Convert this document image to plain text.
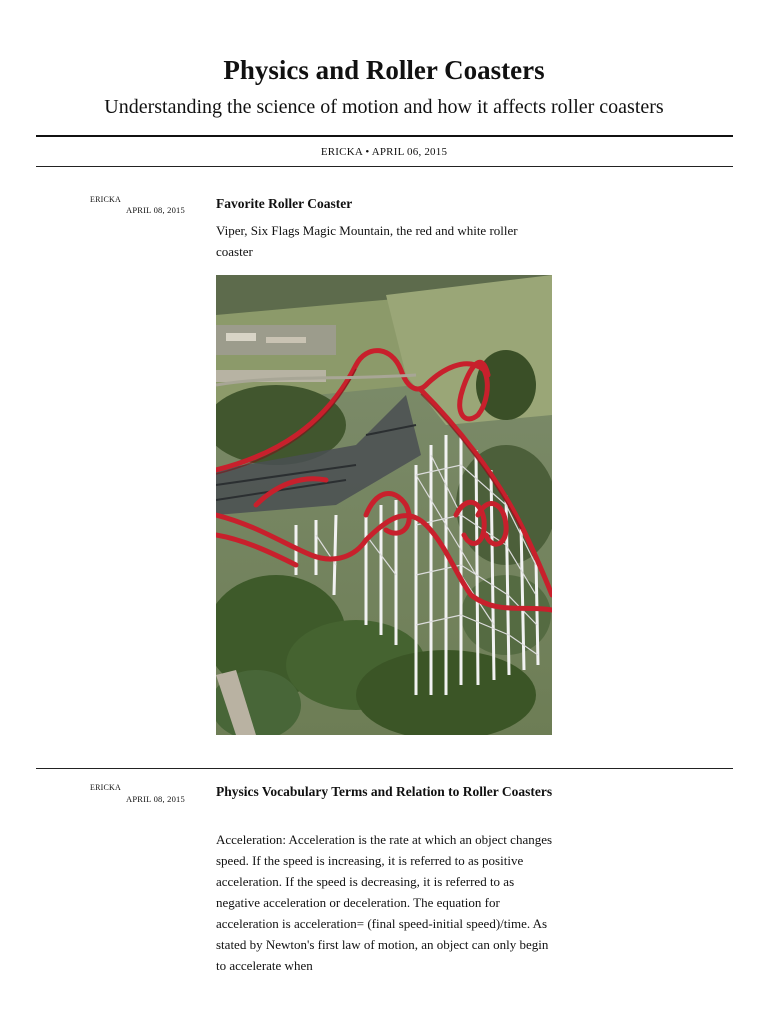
Physics and Roller Coasters

Understanding the science of motion and how it affects roller coasters

ERICKA • APRIL 06, 2015
ERICKA
APRIL 08, 2015 Favorite Roller Coaster

Viper, Six Flags Magic Mountain, the red and white roller coaster

ERICKA
APRIL 08, 2015 Physics Vocabulary Terms and Relation to Roller Coasters

Acceleration: Acceleration is the rate at which an object changes speed. If the speed is increasing, it is referred to as positive acceleration. If the speed is decreasing, it is referred to as negative acceleration or deceleration. The equation for acceleration is acceleration= (final speed-initial speed)/time. As stated by Newton's first law of motion, an object can only begin to accelerate when
